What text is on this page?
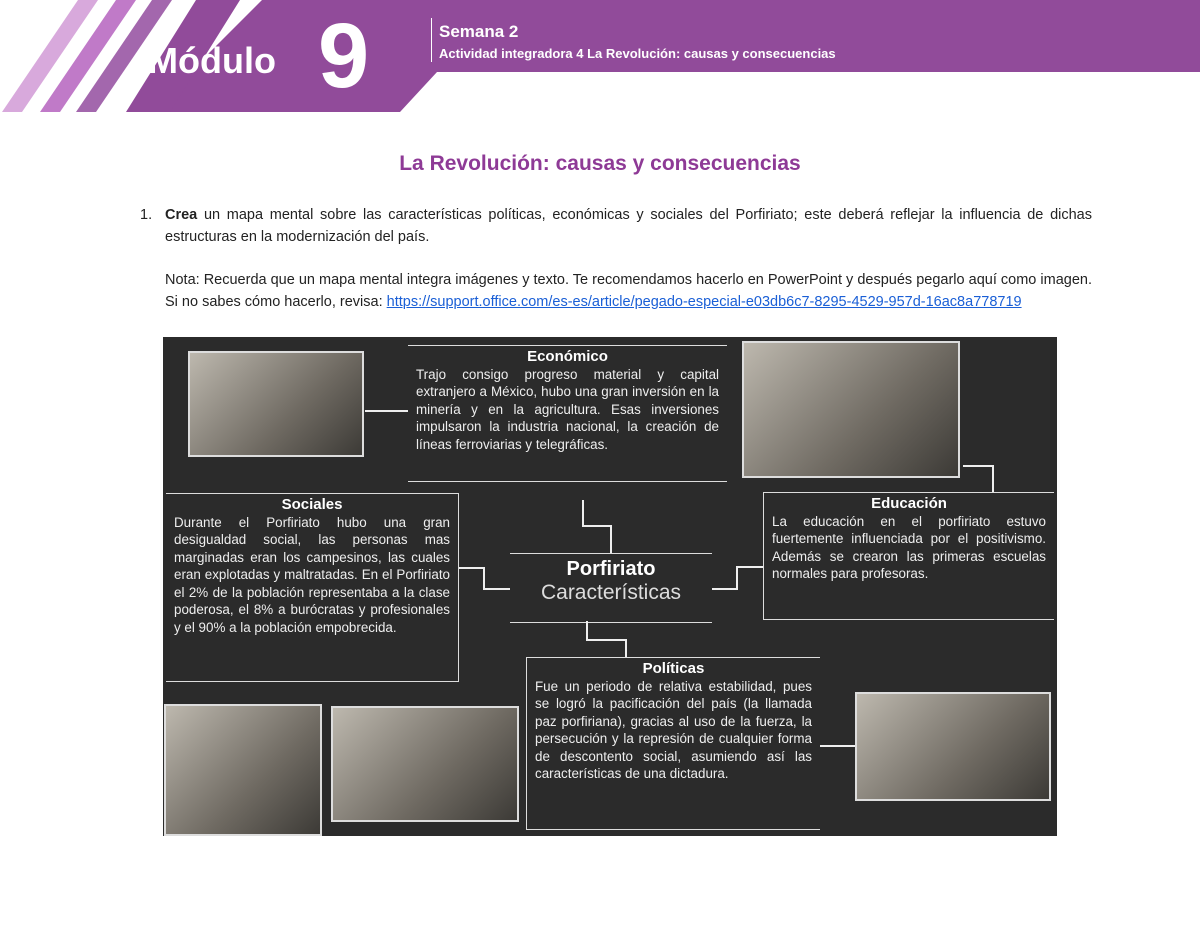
Módulo 9	Semana 2
Actividad integradora 4 La Revolución: causas y consecuencias
La Revolución: causas y consecuencias
1. Crea un mapa mental sobre las características políticas, económicas y sociales del Porfiriato; este deberá reflejar la influencia de dichas estructuras en la modernización del país.

Nota: Recuerda que un mapa mental integra imágenes y texto. Te recomendamos hacerlo en PowerPoint y después pegarlo aquí como imagen. Si no sabes cómo hacerlo, revisa: https://support.office.com/es-es/article/pegado-especial-e03db6c7-8295-4529-957d-16ac8a778719

Económico
Trajo consigo progreso material y capital extranjero a México, hubo una gran inversión en la minería y en la agricultura. Esas inversiones impulsaron la industria nacional, la creación de líneas ferroviarias y telegráficas.
Sociales
Durante el Porfiriato hubo una gran desigualdad social, las personas mas marginadas eran los campesinos, las cuales eran explotadas y maltratadas. En el Porfiriato el 2% de la población representaba a la clase poderosa, el 8% a burócratas y profesionales y el 90% a la población empobrecida.
Educación
La educación en el porfiriato estuvo fuertemente influenciada por el positivismo. Además se crearon las primeras escuelas normales para profesoras.
Políticas
Fue un periodo de relativa estabilidad, pues se logró la pacificación del país (la llamada paz porfiriana), gracias al uso de la fuerza, la persecución y la represión de cualquier forma de descontento social, asumiendo así las características de una dictadura.
Porfiriato
Características
